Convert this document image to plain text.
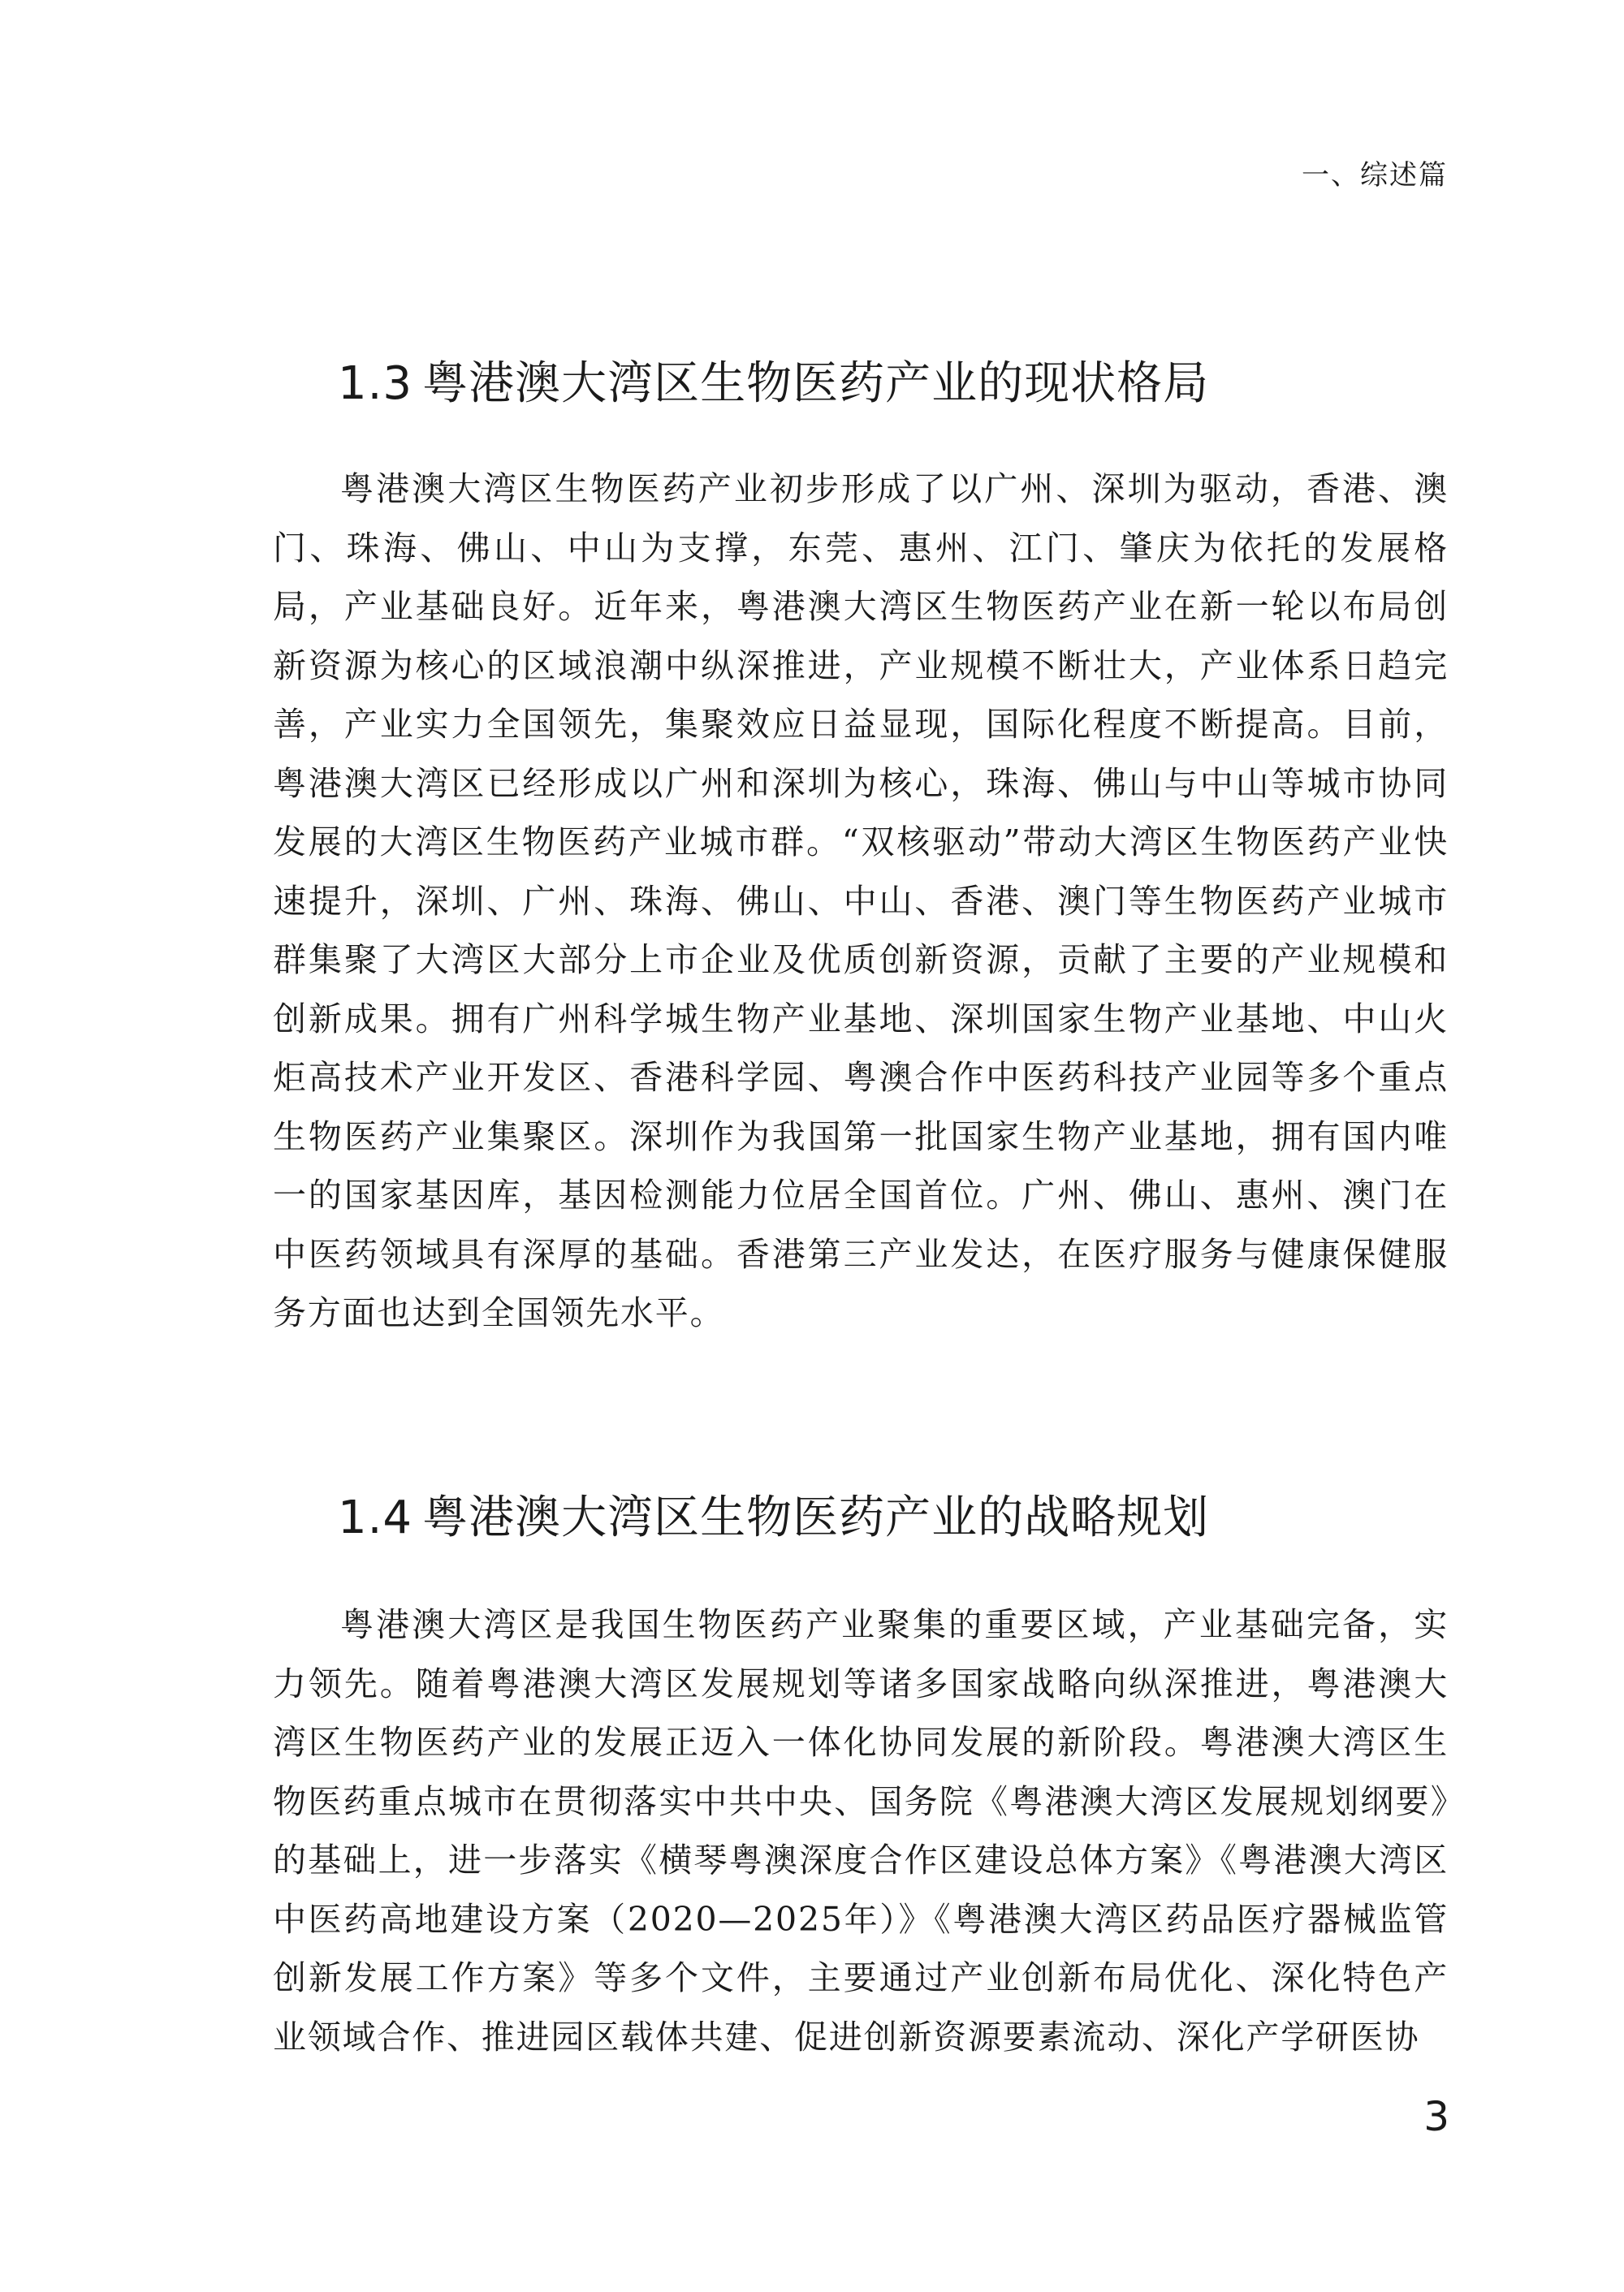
一、综述篇
1.3 粤港澳大湾区生物医药产业的现状格局

粤港澳大湾区生物医药产业初步形成了以广州、深圳为驱动，香港、澳门、珠海、佛山、中山为支撑，东莞、惠州、江门、肇庆为依托的发展格局，产业基础良好。近年来，粤港澳大湾区生物医药产业在新一轮以布局创新资源为核心的区域浪潮中纵深推进，产业规模不断壮大，产业体系日趋完善，产业实力全国领先，集聚效应日益显现，国际化程度不断提高。目前，粤港澳大湾区已经形成以广州和深圳为核心，珠海、佛山与中山等城市协同发展的大湾区生物医药产业城市群。“双核驱动”带动大湾区生物医药产业快速提升，深圳、广州、珠海、佛山、中山、香港、澳门等生物医药产业城市群集聚了大湾区大部分上市企业及优质创新资源，贡献了主要的产业规模和创新成果。拥有广州科学城生物产业基地、深圳国家生物产业基地、中山火炬高技术产业开发区、香港科学园、粤澳合作中医药科技产业园等多个重点生物医药产业集聚区。深圳作为我国第一批国家生物产业基地，拥有国内唯一的国家基因库，基因检测能力位居全国首位。广州、佛山、惠州、澳门在中医药领域具有深厚的基础。香港第三产业发达，在医疗服务与健康保健服务方面也达到全国领先水平。

1.4 粤港澳大湾区生物医药产业的战略规划

粤港澳大湾区是我国生物医药产业聚集的重要区域，产业基础完备，实力领先。随着粤港澳大湾区发展规划等诸多国家战略向纵深推进，粤港澳大湾区生物医药产业的发展正迈入一体化协同发展的新阶段。粤港澳大湾区生物医药重点城市在贯彻落实中共中央、国务院《粤港澳大湾区发展规划纲要》的基础上，进一步落实《横琴粤澳深度合作区建设总体方案》《粤港澳大湾区中医药高地建设方案（2020—2025年）》《粤港澳大湾区药品医疗器械监管创新发展工作方案》等多个文件，主要通过产业创新布局优化、深化特色产业领域合作、推进园区载体共建、促进创新资源要素流动、深化产学研医协

3
